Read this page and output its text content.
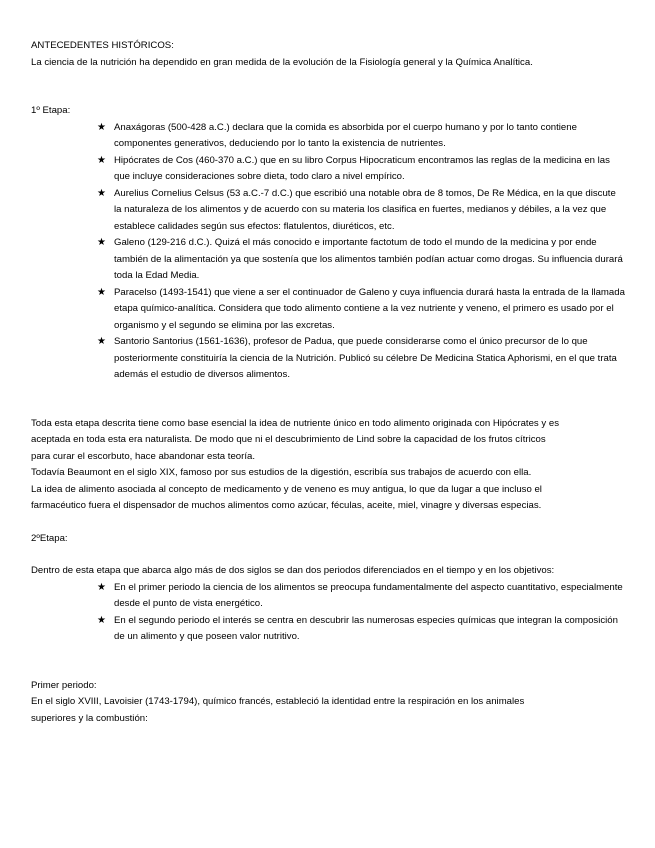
ANTECEDENTES HISTÓRICOS:

La ciencia de la nutrición ha dependido en gran medida de la evolución de la Fisiología general y la Química Analítica.

1º Etapa:

★ Anaxágoras (500-428 a.C.) declara que la comida es absorbida por el cuerpo humano y por lo tanto contiene componentes generativos, deduciendo por lo tanto la existencia de nutrientes.
★ Hipócrates de Cos (460-370 a.C.) que en su libro Corpus Hipocraticum encontramos las reglas de la medicina en las que incluye consideraciones sobre dieta, todo claro a nivel empírico.
★ Aurelius Cornelius Celsus (53 a.C.-7 d.C.) que escribió una notable obra de 8 tomos, De Re Médica, en la que discute la naturaleza de los alimentos y de acuerdo con su materia los clasifica en fuertes, medianos y débiles, a la vez que establece calidades según sus efectos: flatulentos, diuréticos, etc.
★ Galeno (129-216 d.C.). Quizá el más conocido e importante factotum de todo el mundo de la medicina y por ende también de la alimentación ya que sostenía que los alimentos también podían actuar como drogas. Su influencia durará toda la Edad Media.
★ Paracelso (1493-1541) que viene a ser el continuador de Galeno y cuya influencia durará hasta la entrada de la llamada etapa químico-analítica. Considera que todo alimento contiene a la vez nutriente y veneno, el primero es usado por el organismo y el segundo se elimina por las excretas.
★ Santorio Santorius (1561-1636), profesor de Padua, que puede considerarse como el único precursor de lo que posteriormente constituiría la ciencia de la Nutrición. Publicó su célebre De Medicina Statica Aphorismi, en el que trata además el estudio de diversos alimentos.

Toda esta etapa descrita tiene como base esencial la idea de nutriente único en todo alimento originada con Hipócrates y es

aceptada en toda esta era naturalista. De modo que ni el descubrimiento de Lind sobre la capacidad de los frutos cítricos

para curar el escorbuto, hace abandonar esta teoría.

Todavía Beaumont en el siglo XIX, famoso por sus estudios de la digestión, escribía sus trabajos de acuerdo con ella.

La idea de alimento asociada al concepto de medicamento y de veneno es muy antigua, lo que da lugar a que incluso el

farmacéutico fuera el dispensador de muchos alimentos como azúcar, féculas, aceite, miel, vinagre y diversas especias.

2ºEtapa:

Dentro de esta etapa que abarca algo más de dos siglos se dan dos periodos diferenciados en el tiempo y en los objetivos:

★ En el primer periodo la ciencia de los alimentos se preocupa fundamentalmente del aspecto cuantitativo, especialmente desde el punto de vista energético.
★ En el segundo periodo el interés se centra en descubrir las numerosas especies químicas que integran la composición de un alimento y que poseen valor nutritivo.

Primer periodo:

En el siglo XVIII, Lavoisier (1743-1794), químico francés, estableció la identidad entre la respiración en los animales

superiores y la combustión:
